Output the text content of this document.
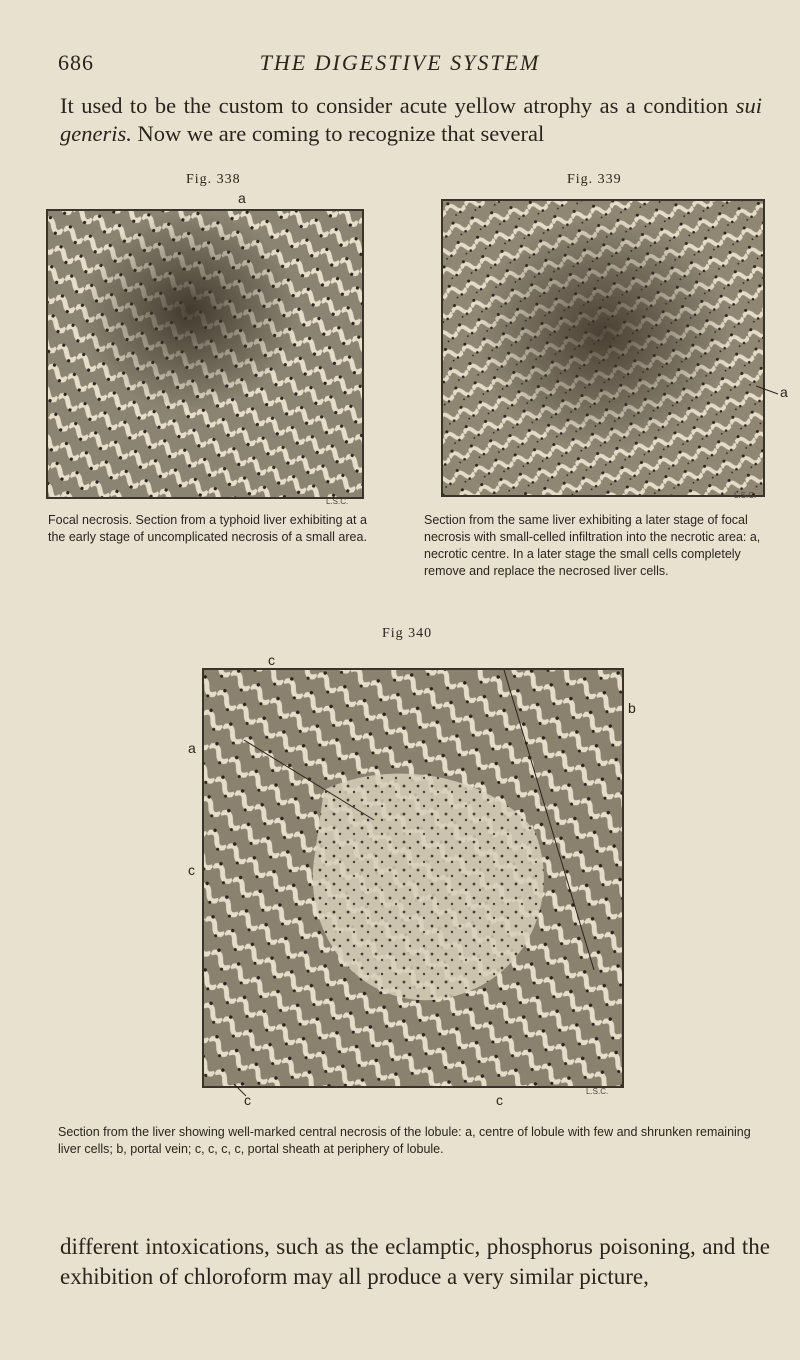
686	THE DIGESTIVE SYSTEM

It used to be the custom to consider acute yellow atrophy as a condition sui generis. Now we are coming to recognize that several

Fig. 338
a
L.S.C.
Focal necrosis. Section from a typhoid liver exhibiting at a the early stage of uncomplicated necrosis of a small area.
Fig. 339
a
L.S.C.
Section from the same liver exhibiting a later stage of focal necrosis with small-celled infiltration into the necrotic area: a, necrotic centre. In a later stage the small cells completely remove and replace the necrosed liver cells.
Fig 340
c
a
c
b
c	c
L.S.C.
Section from the liver showing well-marked central necrosis of the lobule: a, centre of lobule with few and shrunken remaining liver cells; b, portal vein; c, c, c, c, portal sheath at periphery of lobule.

different intoxications, such as the eclamptic, phosphorus poisoning, and the exhibition of chloroform may all produce a very similar picture,
